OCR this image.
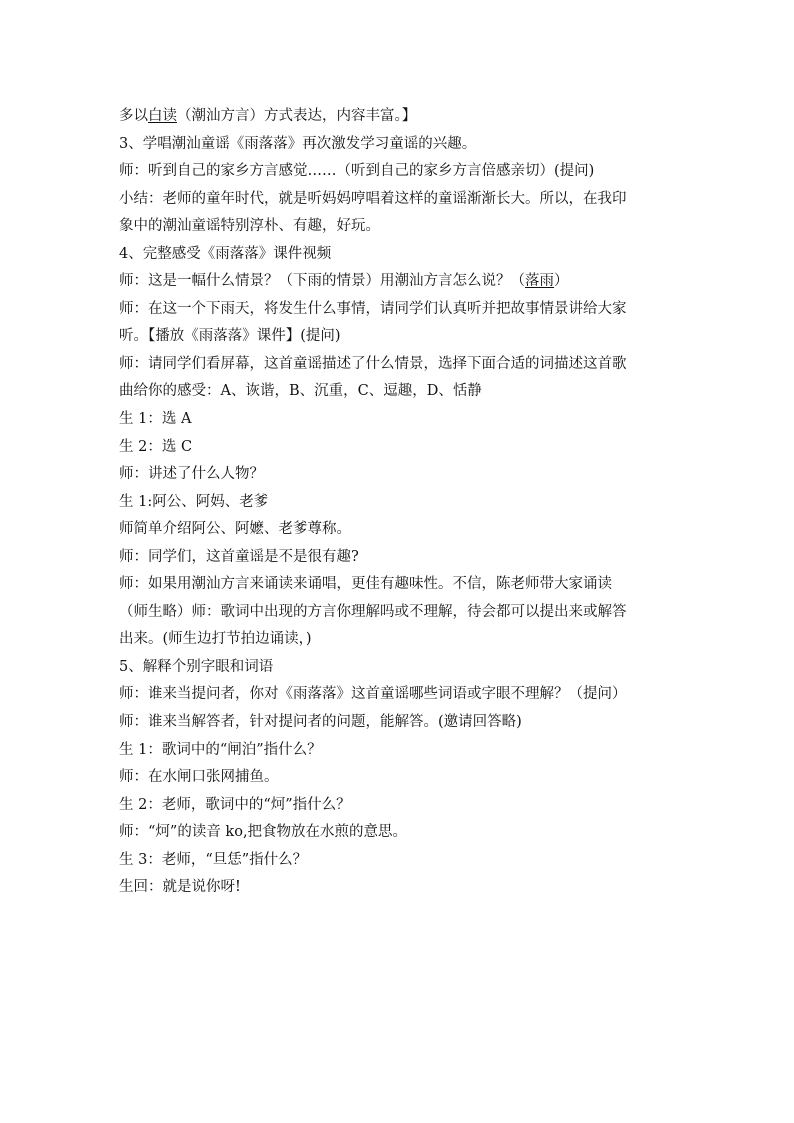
多以白读（潮汕方言）方式表达，内容丰富。】
3、学唱潮汕童谣《雨落落》再次激发学习童谣的兴趣。
师：听到自己的家乡方言感觉……（听到自己的家乡方言倍感亲切）(提问)
小结：老师的童年时代，就是听妈妈哼唱着这样的童谣渐渐长大。所以，在我印
象中的潮汕童谣特别淳朴、有趣，好玩。
4、完整感受《雨落落》课件视频
师：这是一幅什么情景？（下雨的情景）用潮汕方言怎么说？（落雨）
师：在这一个下雨天，将发生什么事情，请同学们认真听并把故事情景讲给大家
听。【播放《雨落落》课件】(提问)
师：请同学们看屏幕，这首童谣描述了什么情景，选择下面合适的词描述这首歌
曲给你的感受：A、诙谐，B、沉重，C、逗趣，D、恬静
生 1：选 A
生 2：选 C
师：讲述了什么人物？
生 1:阿公、阿妈、老爹
师简单介绍阿公、阿嬷、老爹尊称。
师：同学们，这首童谣是不是很有趣?
师：如果用潮汕方言来诵读来诵唱，更佳有趣味性。不信，陈老师带大家诵读
（师生略）师：歌词中出现的方言你理解吗或不理解，待会都可以提出来或解答
出来。(师生边打节拍边诵读，)
5、解释个别字眼和词语
师：谁来当提问者，你对《雨落落》这首童谣哪些词语或字眼不理解？（提问）
师：谁来当解答者，针对提问者的问题，能解答。(邀请回答略)
生 1：歌词中的“闸泊”指什么？
师：在水闸口张网捕鱼。
生 2：老师，歌词中的“炣”指什么？
师：“炣”的读音 ko,把食物放在水煎的意思。
生 3：老师，“旦恁”指什么？
生回：就是说你呀!
